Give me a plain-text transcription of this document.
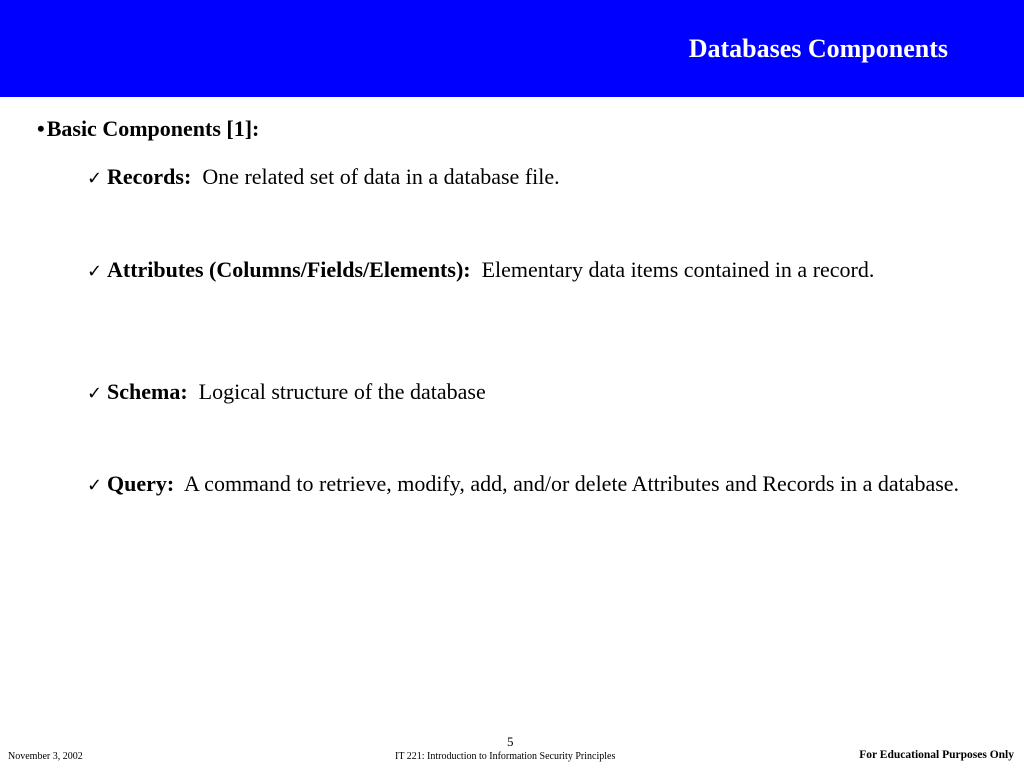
Databases Components
•Basic Components [1]:
✓ Records: One related set of data in a database file.
✓ Attributes (Columns/Fields/Elements): Elementary data items contained in a record.
✓ Schema: Logical structure of the database
✓ Query: A command to retrieve, modify, add, and/or delete Attributes and Records in a database.
5
November 3, 2002	IT 221: Introduction to Information Security Principles	For Educational Purposes Only
